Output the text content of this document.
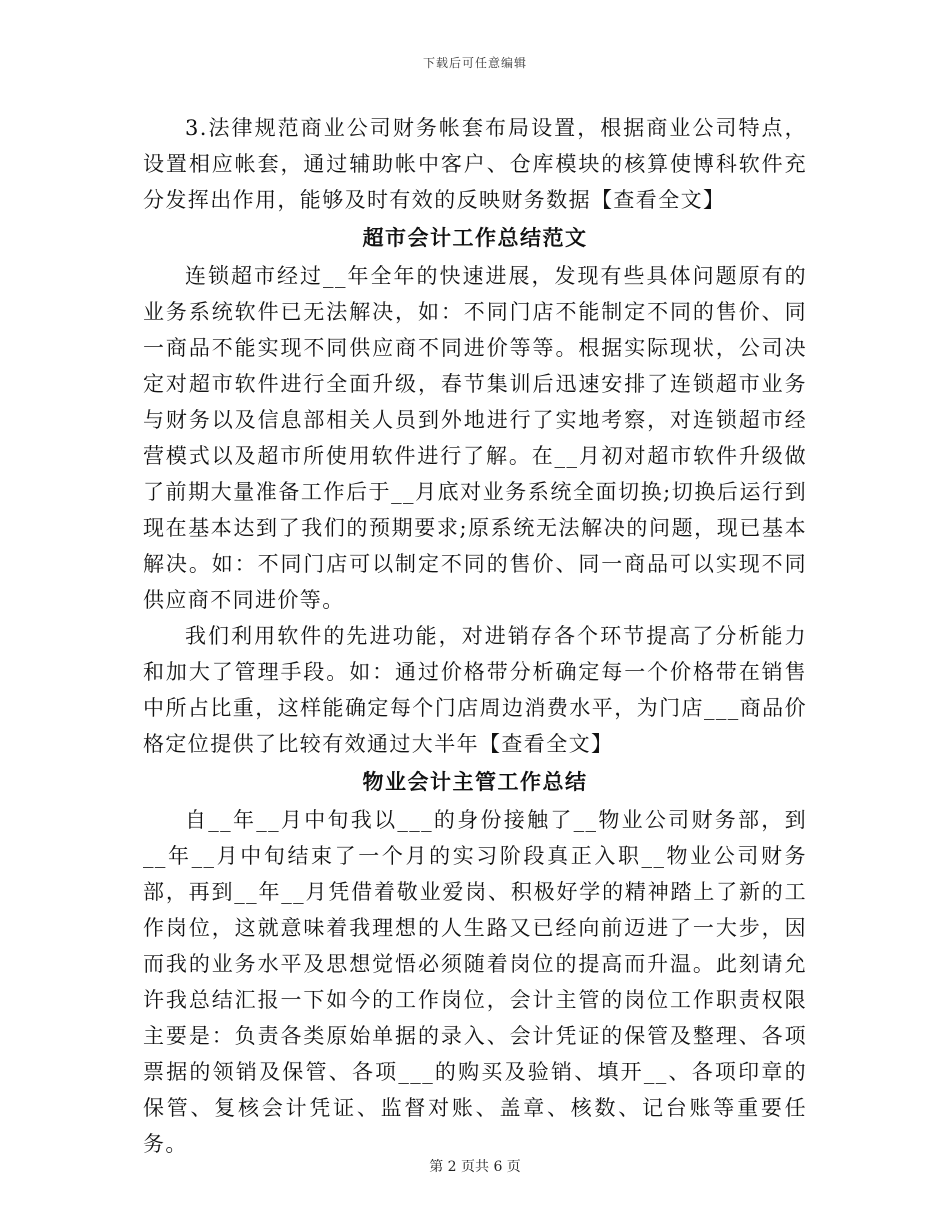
下载后可任意编辑

3.法律规范商业公司财务帐套布局设置，根据商业公司特点，设置相应帐套，通过辅助帐中客户、仓库模块的核算使博科软件充分发挥出作用，能够及时有效的反映财务数据【查看全文】

超市会计工作总结范文

连锁超市经过__年全年的快速进展，发现有些具体问题原有的业务系统软件已无法解决，如：不同门店不能制定不同的售价、同一商品不能实现不同供应商不同进价等等。根据实际现状，公司决定对超市软件进行全面升级，春节集训后迅速安排了连锁超市业务与财务以及信息部相关人员到外地进行了实地考察，对连锁超市经营模式以及超市所使用软件进行了解。在__月初对超市软件升级做了前期大量准备工作后于__月底对业务系统全面切换;切换后运行到现在基本达到了我们的预期要求;原系统无法解决的问题，现已基本解决。如：不同门店可以制定不同的售价、同一商品可以实现不同供应商不同进价等。

我们利用软件的先进功能，对进销存各个环节提高了分析能力和加大了管理手段。如：通过价格带分析确定每一个价格带在销售中所占比重，这样能确定每个门店周边消费水平，为门店___商品价格定位提供了比较有效通过大半年【查看全文】

物业会计主管工作总结

自__年__月中旬我以___的身份接触了__物业公司财务部，到__年__月中旬结束了一个月的实习阶段真正入职__物业公司财务部，再到__年__月凭借着敬业爱岗、积极好学的精神踏上了新的工作岗位，这就意味着我理想的人生路又已经向前迈进了一大步，因而我的业务水平及思想觉悟必须随着岗位的提高而升温。此刻请允许我总结汇报一下如今的工作岗位，会计主管的岗位工作职责权限主要是：负责各类原始单据的录入、会计凭证的保管及整理、各项票据的领销及保管、各项___的购买及验销、填开__、各项印章的保管、复核会计凭证、监督对账、盖章、核数、记台账等重要任务。

第 2 页共 6 页
